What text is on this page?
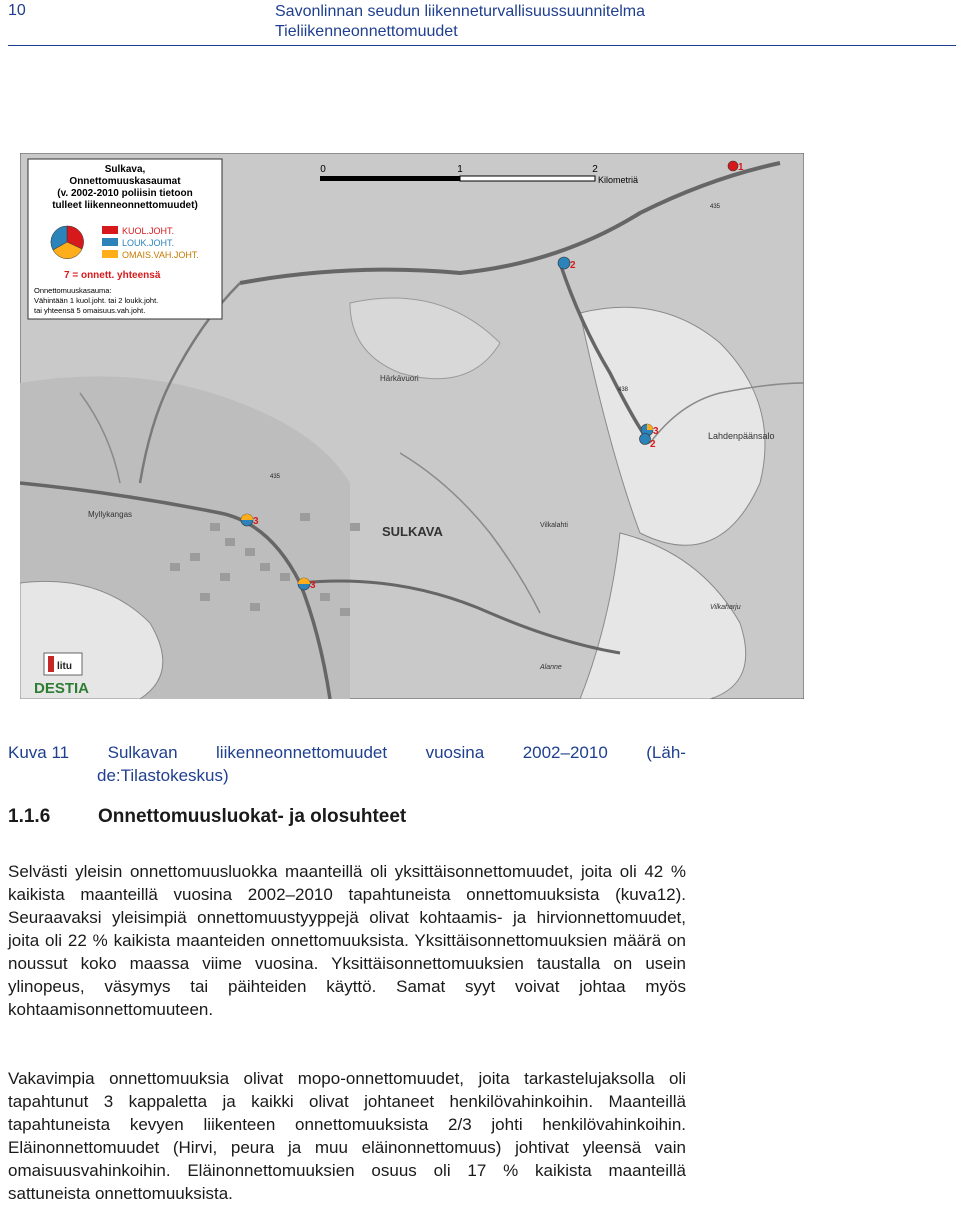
10	Savonlinnan seudun liikenneturvallisuussuunnitelma
Tieliikenneonnettomuudet
Sulkava,
Onnettomuuskasaumat
(v. 2002-2010 poliisin tietoon
tulleet liikenneonnettomuudet)
KUOL.JOHT.
LOUK.JOHT.
OMAIS.VAH.JOHT.
7 = onnett. yhteensä
Onnettomuuskasauma:
Vähintään 1 kuol.joht. tai 2 loukk.joht.
tai yhteensä 5 omaisuus.vah.joht.
0	1	2
Kilometriä
SULKAVA
Härkävuori
Lahdenpäänsalo
Myllykangas
Vilkaharju
Alanne
Vilkalahti
435
438
435
1
2
3
2
3
3
litu
DESTIA
Kuva 11 Sulkavan liikenneonnettomuudet vuosina 2002–2010 (Läh-
de:Tilastokeskus)
1.1.6	Onnettomuusluokat- ja olosuhteet

Selvästi yleisin onnettomuusluokka maanteillä oli yksittäisonnettomuudet, joita oli 42 % kaikista maanteillä vuosina 2002–2010 tapahtuneista onnettomuuksista (kuva12). Seuraavaksi yleisimpiä onnettomuustyyppejä olivat kohtaamis- ja hirvionnettomuudet, joita oli 22 % kaikista maanteiden onnettomuuksista. Yksittäisonnettomuuksien määrä on noussut koko maassa viime vuosina. Yksittäisonnettomuuksien taustalla on usein ylinopeus, väsymys tai päihteiden käyttö. Samat syyt voivat johtaa myös kohtaamisonnettomuuteen.

Vakavimpia onnettomuuksia olivat mopo-onnettomuudet, joita tarkastelujaksolla oli tapahtunut 3 kappaletta ja kaikki olivat johtaneet henkilövahinkoihin. Maanteillä tapahtuneista kevyen liikenteen onnettomuuksista 2/3 johti henkilövahinkoihin. Eläinonnettomuudet (Hirvi, peura ja muu eläinonnettomuus) johtivat yleensä vain omaisuusvahinkoihin. Eläinonnettomuuksien osuus oli 17 % kaikista maanteillä sattuneista onnettomuuksista.
